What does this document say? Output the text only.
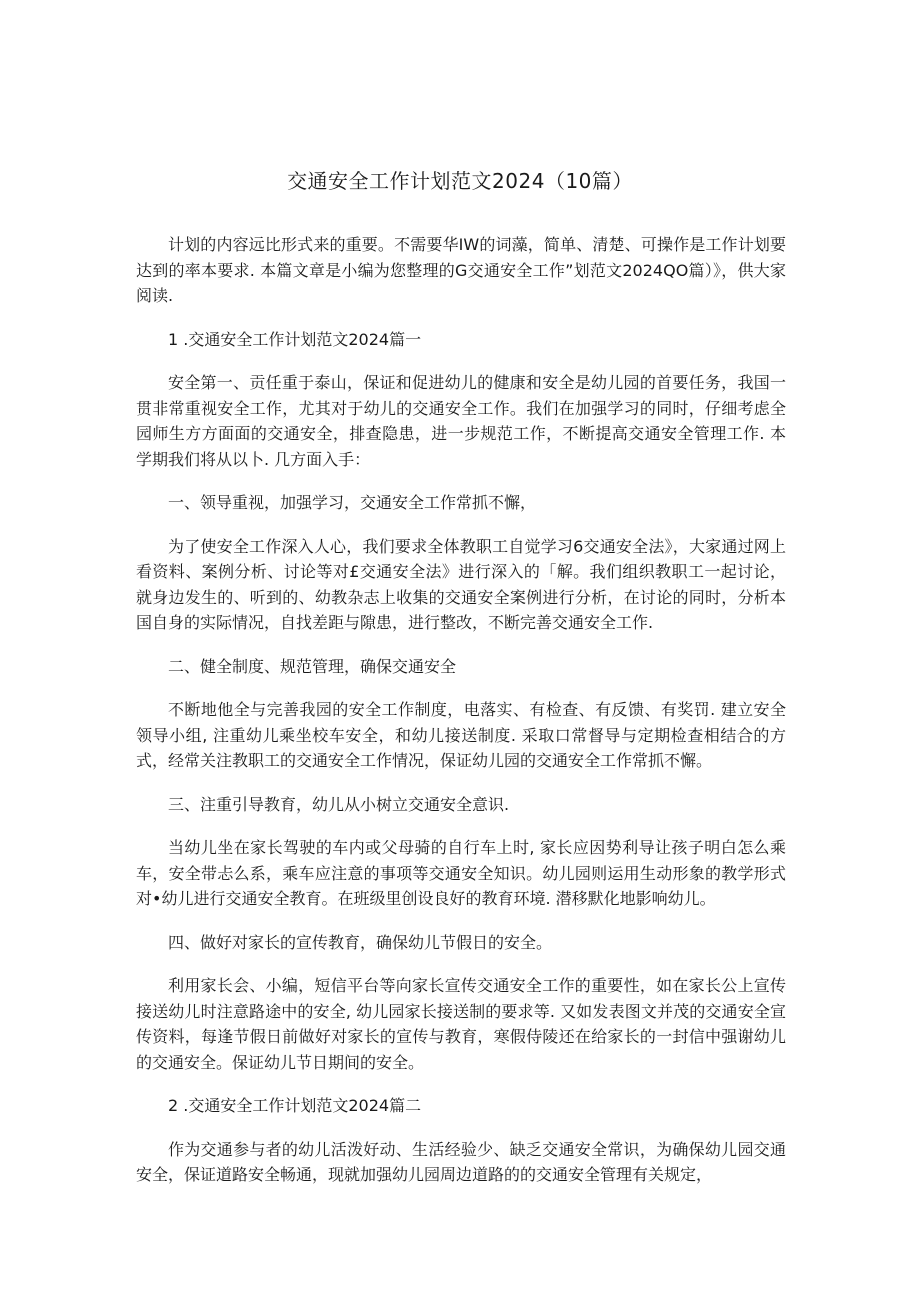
交通安全工作计划范文2024（10篇）

计划的内容远比形式来的重要。不需要华IW的词藻，简单、清楚、可操作是工作计划要达到的率本要求. 本篇文章是小编为您整理的G交通安全工作”划范文2024QO篇）》，供大家阅读.

1 .交通安全工作计划范文2024篇一

安全第一、贡任重于泰山，保证和促进幼儿的健康和安全是幼儿园的首要任务，我国一贯非常重视安全工作，尤其对于幼儿的交通安全工作。我们在加强学习的同时，仔细考虑全园师生方方面面的交通安全，排查隐患，进一步规范工作，不断提高交通安全管理工作. 本学期我们将从以卜. 几方面入手：

一、领导重视，加强学习，交通安全工作常抓不懈，

为了使安全工作深入人心，我们要求全体教职工自觉学习6交通安全法》，大家通过网上看资料、案例分析、讨论等对£交通安全法》进行深入的「解。我们组织教职工一起讨论，就身边发生的、听到的、幼教杂志上收集的交通安全案例进行分析，在讨论的同时，分析本国自身的实际情况，自找差距与隙患，进行整改，不断完善交通安全工作.

二、健全制度、规范管理，确保交通安全

不断地他全与完善我园的安全工作制度，电落实、有检查、有反馈、有奖罚. 建立安全领导小组, 注重幼儿乘坐校车安全，和幼儿接送制度. 采取口常督导与定期检查相结合的方式，经常关注教职工的交通安全工作情况，保证幼儿园的交通安全工作常抓不懈。

三、注重引导教育，幼儿从小树立交通安全意识.

当幼儿坐在家长驾驶的车内或父母骑的自行车上时, 家长应因势利导让孩子明白怎么乘车，安全带忐么系，乘车应注意的事项等交通安全知识。幼儿园则运用生动形象的教学形式对•幼儿进行交通安全教育。在班级里创设良好的教育环境. 潜移默化地影响幼儿。

四、做好对家长的宣传教育，确保幼儿节假日的安全。

利用家长会、小编，短信平台等向家长宣传交通安全工作的重要性，如在家长公上宣传接送幼儿时注意路途中的安全, 幼儿园家长接送制的要求等. 又如发表图文并茂的交通安全宣传资料，每逢节假日前做好对家长的宣传与教育，寒假侍陵还在给家长的一封信中强谢幼儿的交通安全。保证幼儿节日期间的安全。

2 .交通安全工作计划范文2024篇二

作为交通参与者的幼儿活泼好动、生活经验少、缺乏交通安全常识，为确保幼儿园交通安全，保证道路安全畅通，现就加强幼儿园周边道路的的交通安全管理有关规定，
